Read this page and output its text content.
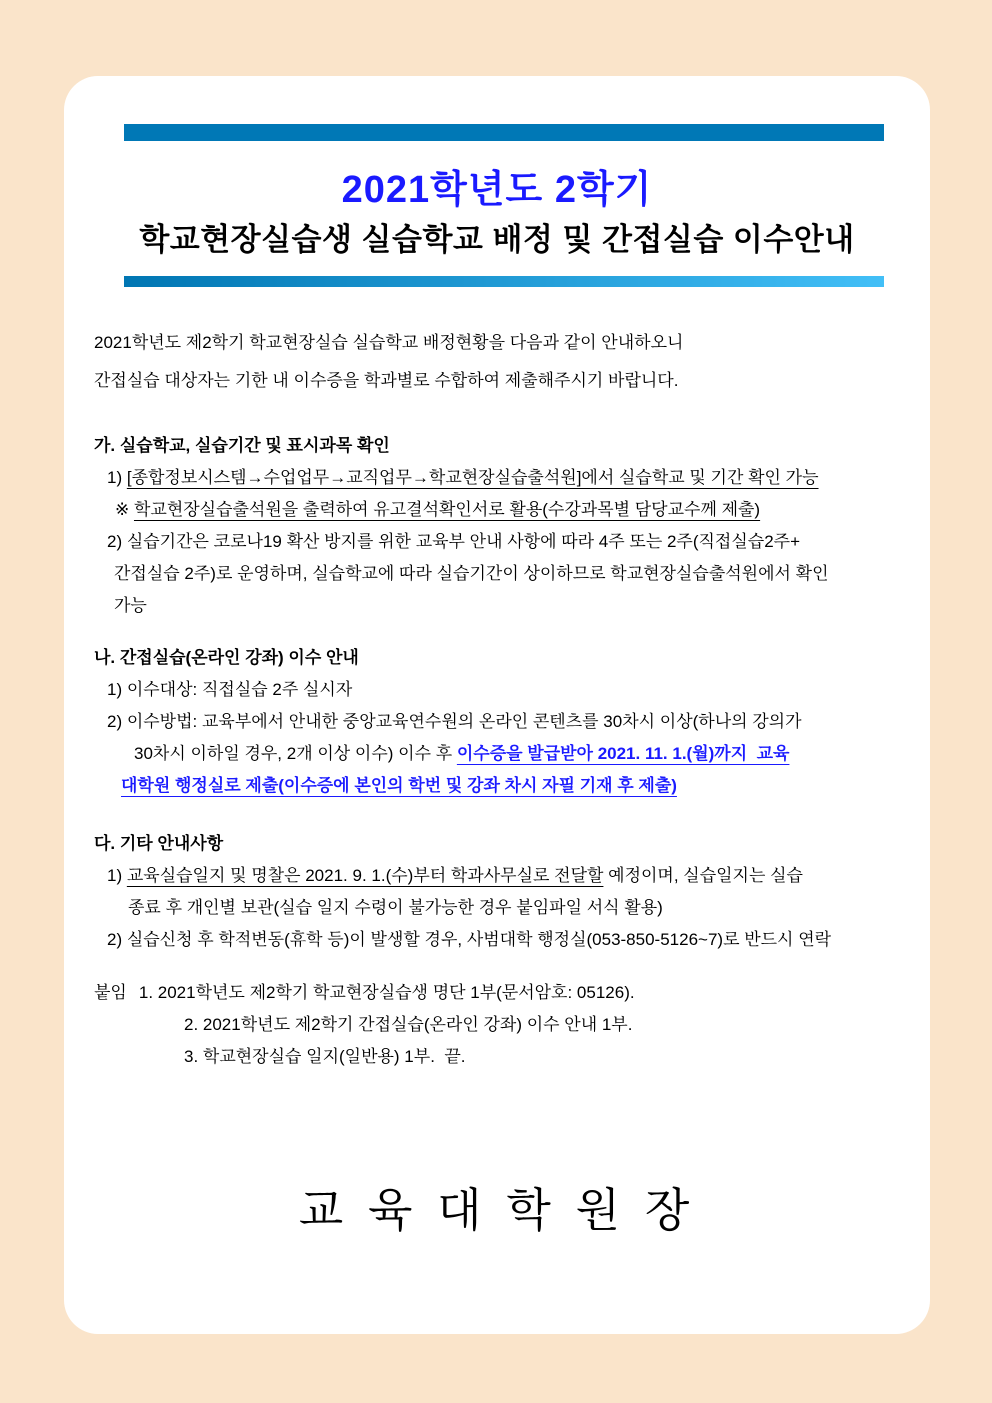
2021학년도 2학기
학교현장실습생 실습학교 배정 및 간접실습 이수안내
2021학년도 제2학기 학교현장실습 실습학교 배정현황을 다음과 같이 안내하오니
간접실습 대상자는 기한 내 이수증을 학과별로 수합하여 제출해주시기 바랍니다.
가. 실습학교, 실습기간 및 표시과목 확인
1) [종합정보시스템→수업업무→교직업무→학교현장실습출석원]에서 실습학교 및 기간 확인 가능
※ 학교현장실습출석원을 출력하여 유고결석확인서로 활용(수강과목별 담당교수께 제출)
2) 실습기간은 코로나19 확산 방지를 위한 교육부 안내 사항에 따라 4주 또는 2주(직접실습2주+
간접실습 2주)로 운영하며, 실습학교에 따라 실습기간이 상이하므로 학교현장실습출석원에서 확인
가능
나. 간접실습(온라인 강좌) 이수 안내
1) 이수대상: 직접실습 2주 실시자
2) 이수방법: 교육부에서 안내한 중앙교육연수원의 온라인 콘텐츠를 30차시 이상(하나의 강의가
30차시 이하일 경우, 2개 이상 이수) 이수 후 이수증을 발급받아 2021. 11. 1.(월)까지  교육
대학원 행정실로 제출(이수증에 본인의 학번 및 강좌 차시 자필 기재 후 제출)
다. 기타 안내사항
1) 교육실습일지 및 명찰은 2021. 9. 1.(수)부터 학과사무실로 전달할 예정이며, 실습일지는 실습
종료 후 개인별 보관(실습 일지 수령이 불가능한 경우 붙임파일 서식 활용)
2) 실습신청 후 학적변동(휴학 등)이 발생할 경우, 사범대학 행정실(053-850-5126~7)로 반드시 연락
붙임 1. 2021학년도 제2학기 학교현장실습생 명단 1부(문서암호: 05126).
2. 2021학년도 제2학기 간접실습(온라인 강좌) 이수 안내 1부.
3. 학교현장실습 일지(일반용) 1부.  끝.
교 육 대 학 원 장
